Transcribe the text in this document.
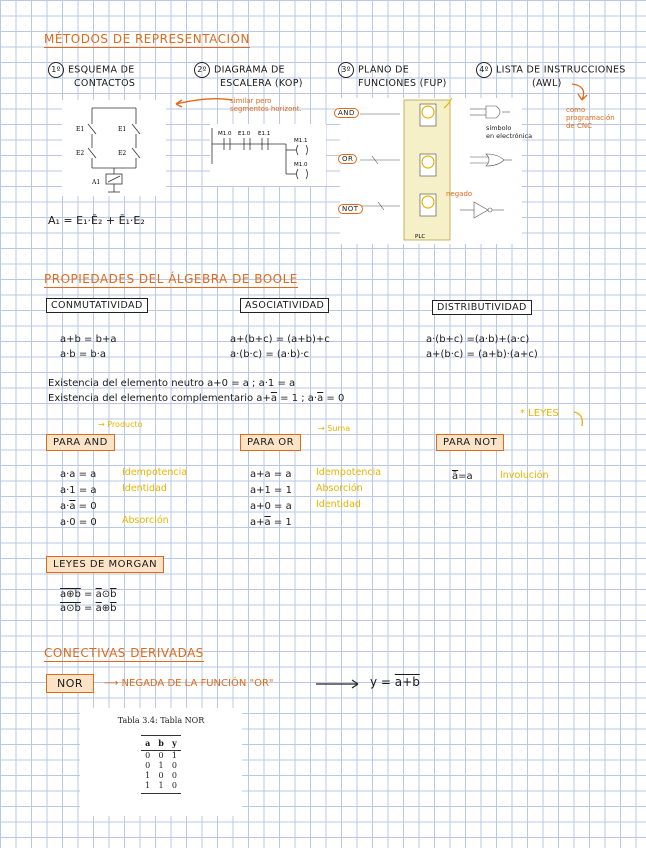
MÉTODOS DE REPRESENTACIÓN
1º ESQUEMA DE
CONTACTOS
E1	E1
E2	E2
A1
A₁ = E₁·Ē₂ + Ē₁·E₂
2º DIAGRAMA DE
ESCALERA (KOP)
similar pero
segmentos horizont.
M1.0 E1.0 E1.1
M1.1
M1.0
3º PLANO DE
FUNCIONES (FUP)
PLC
AND
OR
NOT
negado
símbolo
en electrónica
4º LISTA DE INSTRUCCIONES
(AWL)
como
programación
de CNC
PROPIEDADES DEL ÁLGEBRA DE BOOLE
CONMUTATIVIDAD
a+b = b+a
a·b = b·a
ASOCIATIVIDAD
a+(b+c) = (a+b)+c
a·(b·c) = (a·b)·c
DISTRIBUTIVIDAD
a·(b+c) =(a·b)+(a·c)
a+(b·c) = (a+b)·(a+c)
Existencia del elemento neutro a+0 = a ; a·1 = a
Existencia del elemento complementario $a+\overline{a} = 1$ ; $a\cdot\overline{a} = 0$
* LEYES
PARA AND
→ Producto
a·a = a
a·1 = a
$a\cdot\overline{a} = 0$
a·0 = 0
Idempotencia
Identidad
Absorción
PARA OR
→ Suma
a+a = a
a+1 = 1
a+0 = a
$a+\overline{a} = 1$
Idempotencia
Absorción
Identidad
PARA NOT
$\overline{ā}=a$	Involución
LEYES DE MORGAN
a⊕b = $\overline{a}⊙\overline{b}$
a⊙b = $\overline{a}\oplus\overline{b}$
CONECTIVAS DERIVADAS
NOR	⟶ NEGADA DE LA FUNCIÓN "OR"	y = a+b
Tabla 3.4: Tabla NOR
a	b	y
0	0	1
0	1	0
1	0	0
1	1	0
